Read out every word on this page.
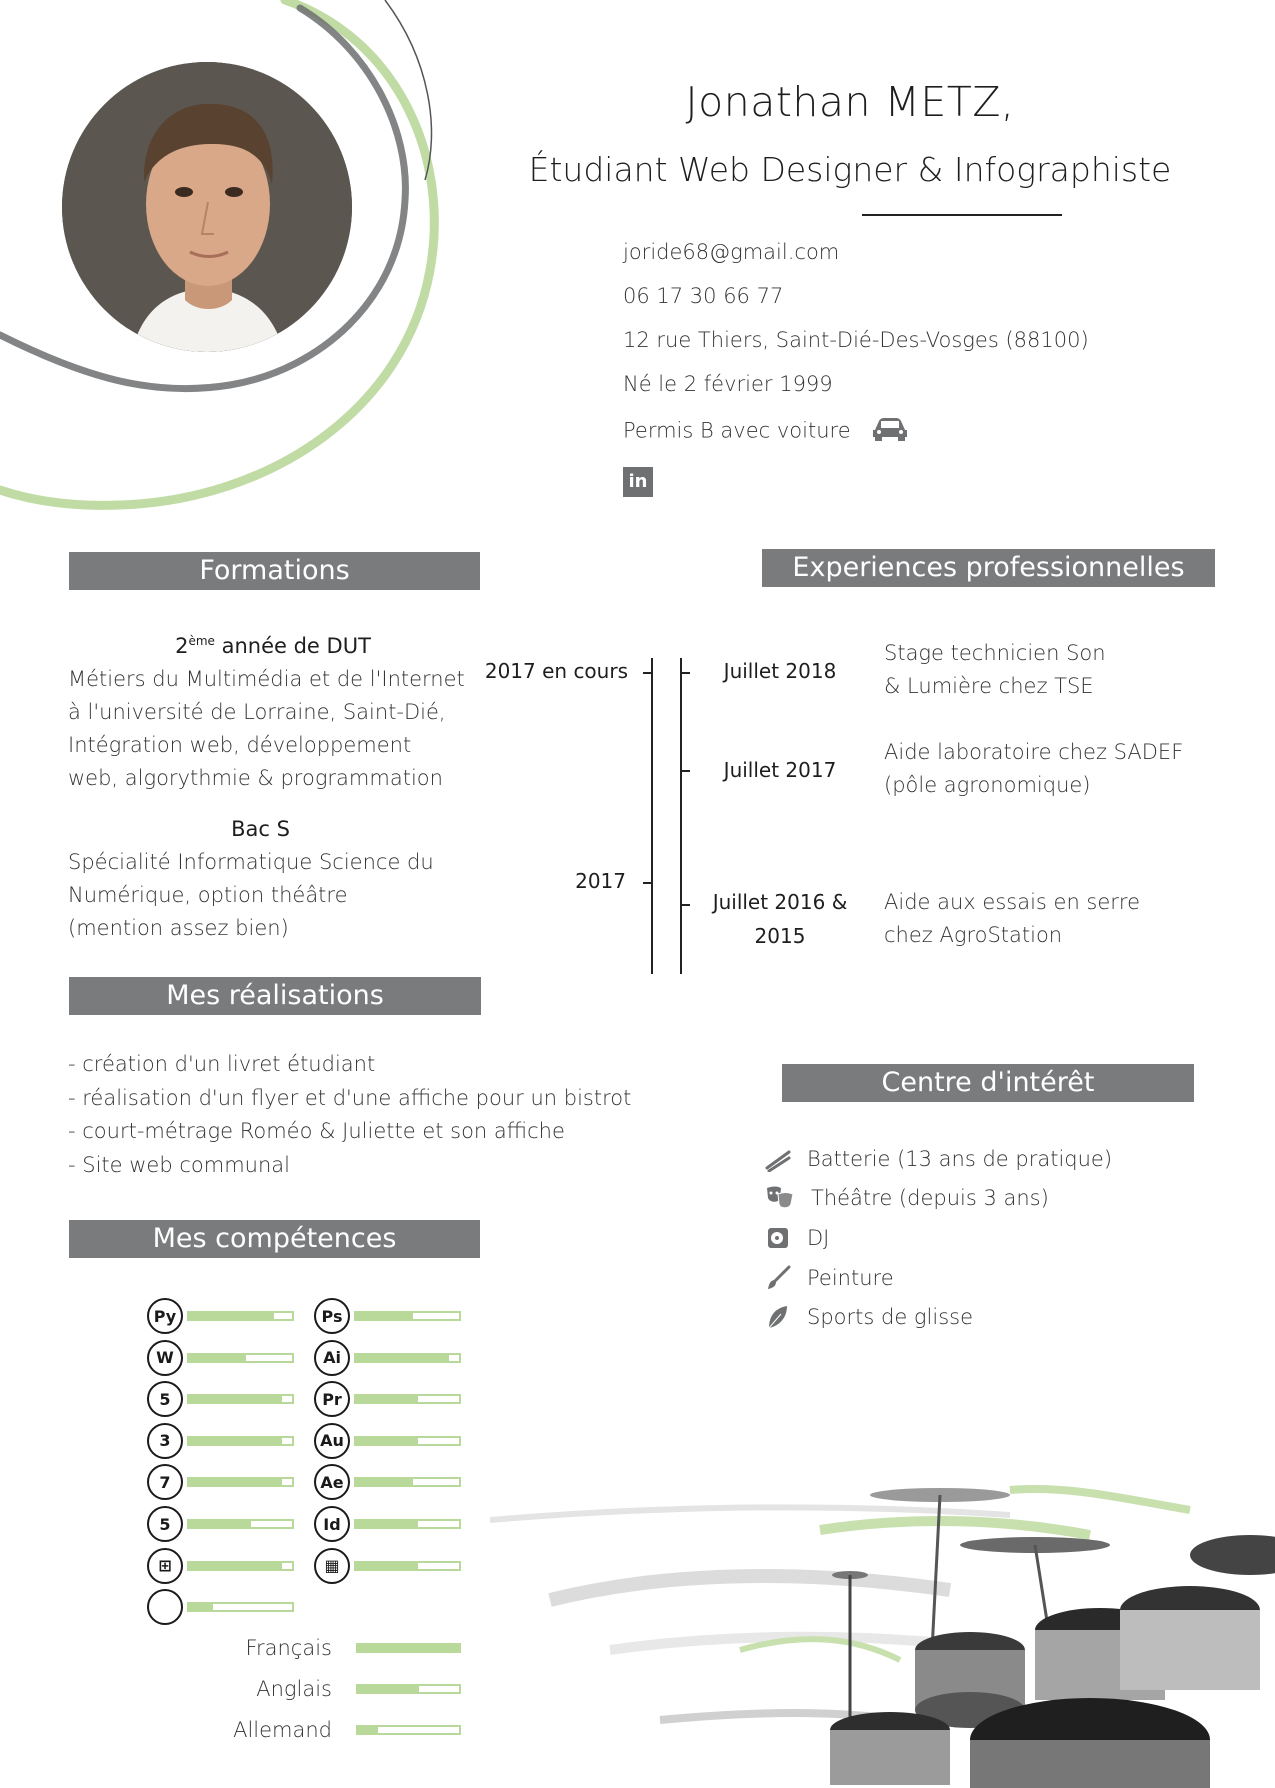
Jonathan METZ,
Étudiant Web Designer & Infographiste
joride68@gmail.com
06 17 30 66 77
12 rue Thiers, Saint-Dié-Des-Vosges (88100)
Né le 2 février 1999
Permis B avec voiture
in
Formations	Experiences professionnelles
Mes réalisations
Centre d'intérêt
Mes compétences
2ème année de DUT
Métiers du Multimédia et de l'Internet
à l'université de Lorraine, Saint-Dié,
Intégration web, développement
web, algorythmie & programmation
Bac S
Spécialité Informatique Science du
Numérique, option théâtre
(mention assez bien)
2017 en cours
2017
Juillet 2018
Juillet 2017
Juillet 2016 &
2015
Stage technicien Son
& Lumière chez TSE
Aide laboratoire chez SADEF
(pôle agronomique)
Aide aux essais en serre
chez AgroStation
- création d'un livret étudiant
- réalisation d'un flyer et d'une affiche pour un bistrot
- court-métrage Roméo & Juliette et son affiche
- Site web communal	Batterie (13 ans de pratique)
Théâtre (depuis 3 ans)
DJ
Peinture
Sports de glisse
Py
W
5
3
7
5
⊞
Ps
Ai
Pr
Au
Ae
Id
▦
Français
Anglais
Allemand
